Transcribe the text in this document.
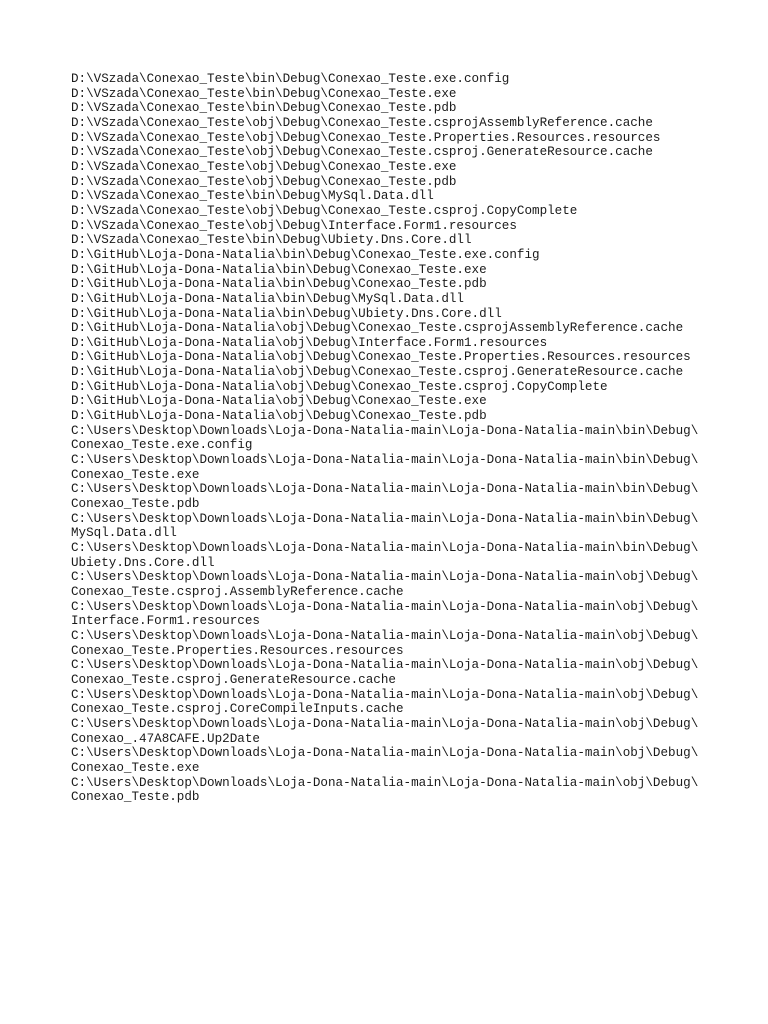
D:\VSzada\Conexao_Teste\bin\Debug\Conexao_Teste.exe.config
D:\VSzada\Conexao_Teste\bin\Debug\Conexao_Teste.exe
D:\VSzada\Conexao_Teste\bin\Debug\Conexao_Teste.pdb
D:\VSzada\Conexao_Teste\obj\Debug\Conexao_Teste.csprojAssemblyReference.cache
D:\VSzada\Conexao_Teste\obj\Debug\Conexao_Teste.Properties.Resources.resources
D:\VSzada\Conexao_Teste\obj\Debug\Conexao_Teste.csproj.GenerateResource.cache
D:\VSzada\Conexao_Teste\obj\Debug\Conexao_Teste.exe
D:\VSzada\Conexao_Teste\obj\Debug\Conexao_Teste.pdb
D:\VSzada\Conexao_Teste\bin\Debug\MySql.Data.dll
D:\VSzada\Conexao_Teste\obj\Debug\Conexao_Teste.csproj.CopyComplete
D:\VSzada\Conexao_Teste\obj\Debug\Interface.Form1.resources
D:\VSzada\Conexao_Teste\bin\Debug\Ubiety.Dns.Core.dll
D:\GitHub\Loja-Dona-Natalia\bin\Debug\Conexao_Teste.exe.config
D:\GitHub\Loja-Dona-Natalia\bin\Debug\Conexao_Teste.exe
D:\GitHub\Loja-Dona-Natalia\bin\Debug\Conexao_Teste.pdb
D:\GitHub\Loja-Dona-Natalia\bin\Debug\MySql.Data.dll
D:\GitHub\Loja-Dona-Natalia\bin\Debug\Ubiety.Dns.Core.dll
D:\GitHub\Loja-Dona-Natalia\obj\Debug\Conexao_Teste.csprojAssemblyReference.cache
D:\GitHub\Loja-Dona-Natalia\obj\Debug\Interface.Form1.resources
D:\GitHub\Loja-Dona-Natalia\obj\Debug\Conexao_Teste.Properties.Resources.resources
D:\GitHub\Loja-Dona-Natalia\obj\Debug\Conexao_Teste.csproj.GenerateResource.cache
D:\GitHub\Loja-Dona-Natalia\obj\Debug\Conexao_Teste.csproj.CopyComplete
D:\GitHub\Loja-Dona-Natalia\obj\Debug\Conexao_Teste.exe
D:\GitHub\Loja-Dona-Natalia\obj\Debug\Conexao_Teste.pdb
C:\Users\Desktop\Downloads\Loja-Dona-Natalia-main\Loja-Dona-Natalia-main\bin\Debug\
Conexao_Teste.exe.config
C:\Users\Desktop\Downloads\Loja-Dona-Natalia-main\Loja-Dona-Natalia-main\bin\Debug\
Conexao_Teste.exe
C:\Users\Desktop\Downloads\Loja-Dona-Natalia-main\Loja-Dona-Natalia-main\bin\Debug\
Conexao_Teste.pdb
C:\Users\Desktop\Downloads\Loja-Dona-Natalia-main\Loja-Dona-Natalia-main\bin\Debug\
MySql.Data.dll
C:\Users\Desktop\Downloads\Loja-Dona-Natalia-main\Loja-Dona-Natalia-main\bin\Debug\
Ubiety.Dns.Core.dll
C:\Users\Desktop\Downloads\Loja-Dona-Natalia-main\Loja-Dona-Natalia-main\obj\Debug\
Conexao_Teste.csproj.AssemblyReference.cache
C:\Users\Desktop\Downloads\Loja-Dona-Natalia-main\Loja-Dona-Natalia-main\obj\Debug\
Interface.Form1.resources
C:\Users\Desktop\Downloads\Loja-Dona-Natalia-main\Loja-Dona-Natalia-main\obj\Debug\
Conexao_Teste.Properties.Resources.resources
C:\Users\Desktop\Downloads\Loja-Dona-Natalia-main\Loja-Dona-Natalia-main\obj\Debug\
Conexao_Teste.csproj.GenerateResource.cache
C:\Users\Desktop\Downloads\Loja-Dona-Natalia-main\Loja-Dona-Natalia-main\obj\Debug\
Conexao_Teste.csproj.CoreCompileInputs.cache
C:\Users\Desktop\Downloads\Loja-Dona-Natalia-main\Loja-Dona-Natalia-main\obj\Debug\
Conexao_.47A8CAFE.Up2Date
C:\Users\Desktop\Downloads\Loja-Dona-Natalia-main\Loja-Dona-Natalia-main\obj\Debug\
Conexao_Teste.exe
C:\Users\Desktop\Downloads\Loja-Dona-Natalia-main\Loja-Dona-Natalia-main\obj\Debug\
Conexao_Teste.pdb
